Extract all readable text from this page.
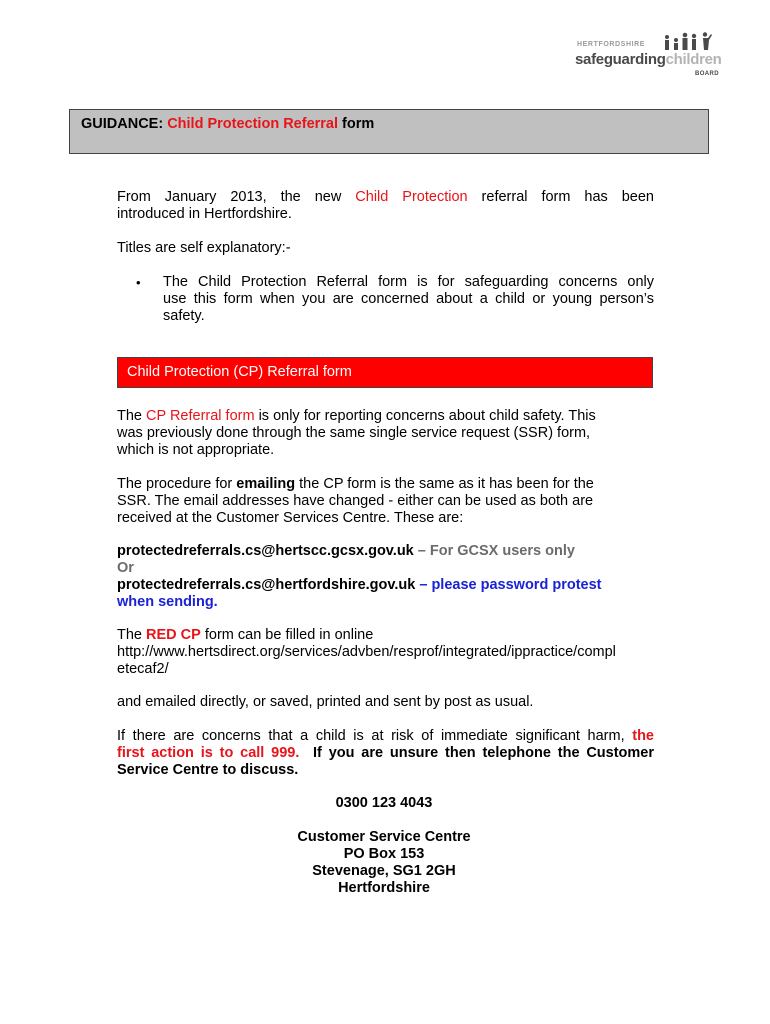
HERTFORDSHIRE
safeguardingchildren
BOARD
GUIDANCE: Child Protection Referral form
From January 2013, the new Child Protection referral form has been
introduced in Hertfordshire.
Titles are self explanatory:-
• The Child Protection Referral form is for safeguarding concerns only
use this form when you are concerned about a child or young person’s
safety.
Child Protection (CP) Referral form
The CP Referral form is only for reporting concerns about child safety. This
was previously done through the same single service request (SSR) form,
which is not appropriate.
The procedure for emailing the CP form is the same as it has been for the
SSR. The email addresses have changed - either can be used as both are
received at the Customer Services Centre. These are:
protectedreferrals.cs@hertscc.gcsx.gov.uk – For GCSX users only
Or
protectedreferrals.cs@hertfordshire.gov.uk – please password protest
when sending.
The RED CP form can be filled in online
http://www.hertsdirect.org/services/advben/resprof/integrated/ippractice/compl
etecaf2/
and emailed directly, or saved, printed and sent by post as usual.
If there are concerns that a child is at risk of immediate significant harm, the
first action is to call 999. If you are unsure then telephone the Customer
Service Centre to discuss.
0300 123 4043
Customer Service Centre
PO Box 153
Stevenage, SG1 2GH
Hertfordshire
